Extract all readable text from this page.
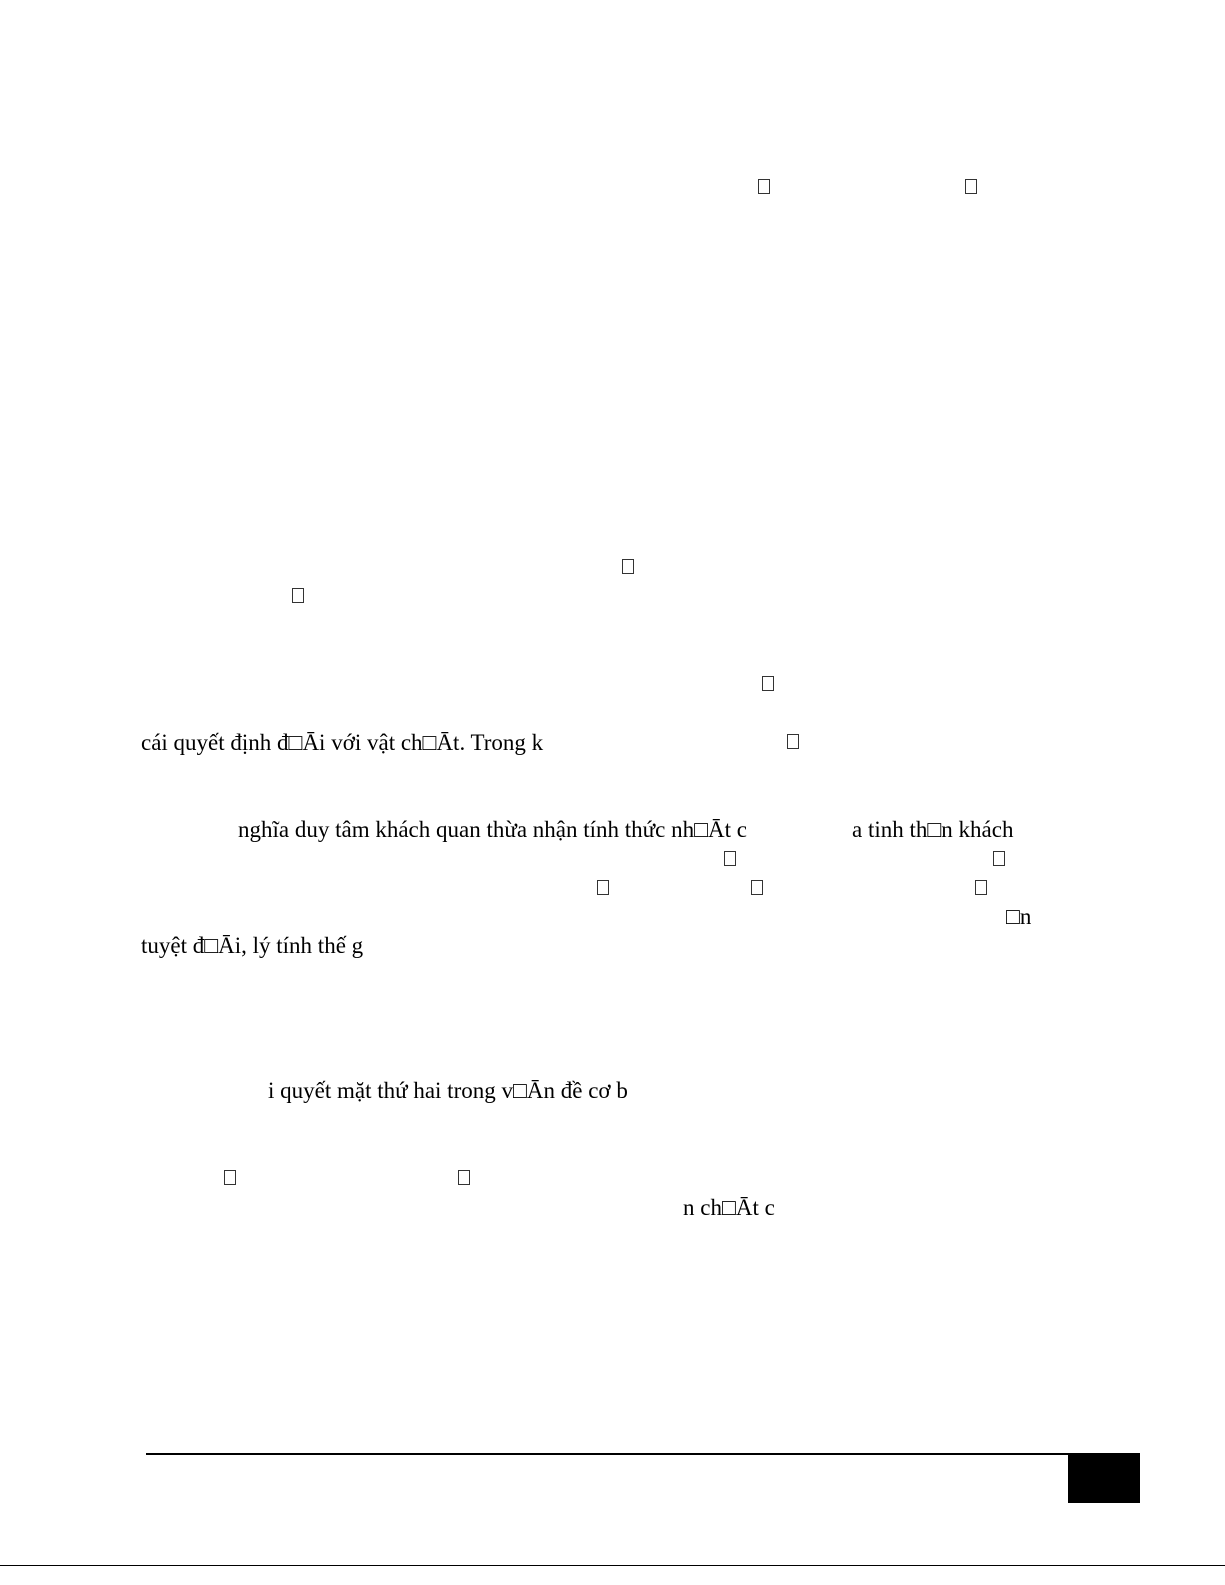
cái quyết định đ□Āi với vật ch□Āt. Trong k
nghĩa duy tâm khách quan thừa nhận tính thức nh□Āt c	a tinh th□n khách
□n
tuyệt đ□Āi, lý tính thế g
i quyết mặt thứ hai trong v□Ān đề cơ b
n ch□Āt c
